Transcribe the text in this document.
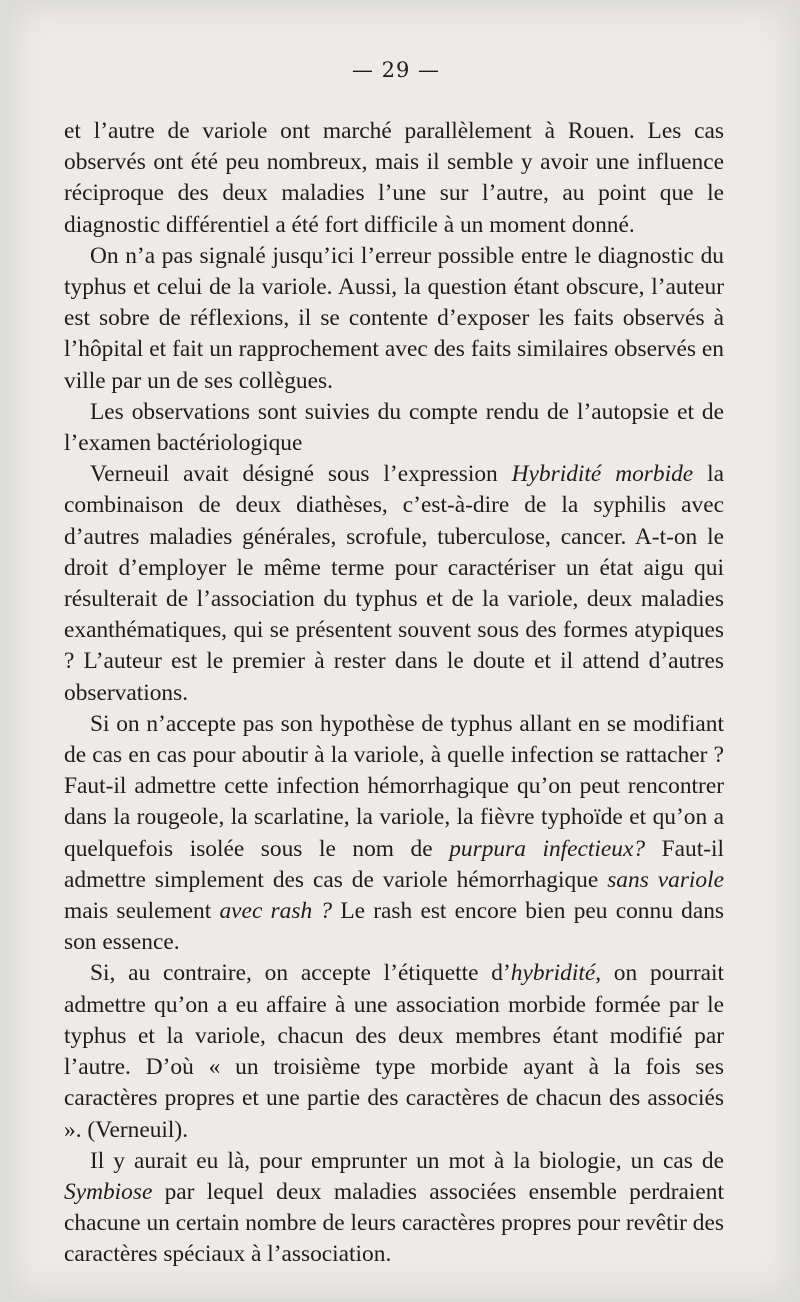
— 29 —

et l’autre de variole ont marché parallèlement à Rouen. Les cas observés ont été peu nombreux, mais il semble y avoir une influence réciproque des deux maladies l’une sur l’autre, au point que le diagnostic différentiel a été fort difficile à un moment donné.

On n’a pas signalé jusqu’ici l’erreur possible entre le diagnostic du typhus et celui de la variole. Aussi, la question étant obscure, l’auteur est sobre de réflexions, il se contente d’exposer les faits observés à l’hôpital et fait un rapprochement avec des faits similaires observés en ville par un de ses collègues.

Les observations sont suivies du compte rendu de l’autopsie et de l’examen bactériologique

Verneuil avait désigné sous l’expression Hybridité morbide la combinaison de deux diathèses, c’est-à-dire de la syphilis avec d’autres maladies générales, scrofule, tuberculose, cancer. A-t-on le droit d’employer le même terme pour caractériser un état aigu qui résulterait de l’association du typhus et de la variole, deux maladies exanthématiques, qui se présentent souvent sous des formes atypiques ? L’auteur est le premier à rester dans le doute et il attend d’autres observations.

Si on n’accepte pas son hypothèse de typhus allant en se modifiant de cas en cas pour aboutir à la variole, à quelle infection se rattacher ? Faut-il admettre cette infection hémorrhagique qu’on peut rencontrer dans la rougeole, la scarlatine, la variole, la fièvre typhoïde et qu’on a quelquefois isolée sous le nom de purpura infectieux? Faut-il admettre simplement des cas de variole hémorrhagique sans variole mais seulement avec rash ? Le rash est encore bien peu connu dans son essence.

Si, au contraire, on accepte l’étiquette d’hybridité, on pourrait admettre qu’on a eu affaire à une association morbide formée par le typhus et la variole, chacun des deux membres étant modifié par l’autre. D’où « un troisième type morbide ayant à la fois ses caractères propres et une partie des caractères de chacun des associés ». (Verneuil).

Il y aurait eu là, pour emprunter un mot à la biologie, un cas de Symbiose par lequel deux maladies associées ensemble perdraient chacune un certain nombre de leurs caractères propres pour revêtir des caractères spéciaux à l’association.
